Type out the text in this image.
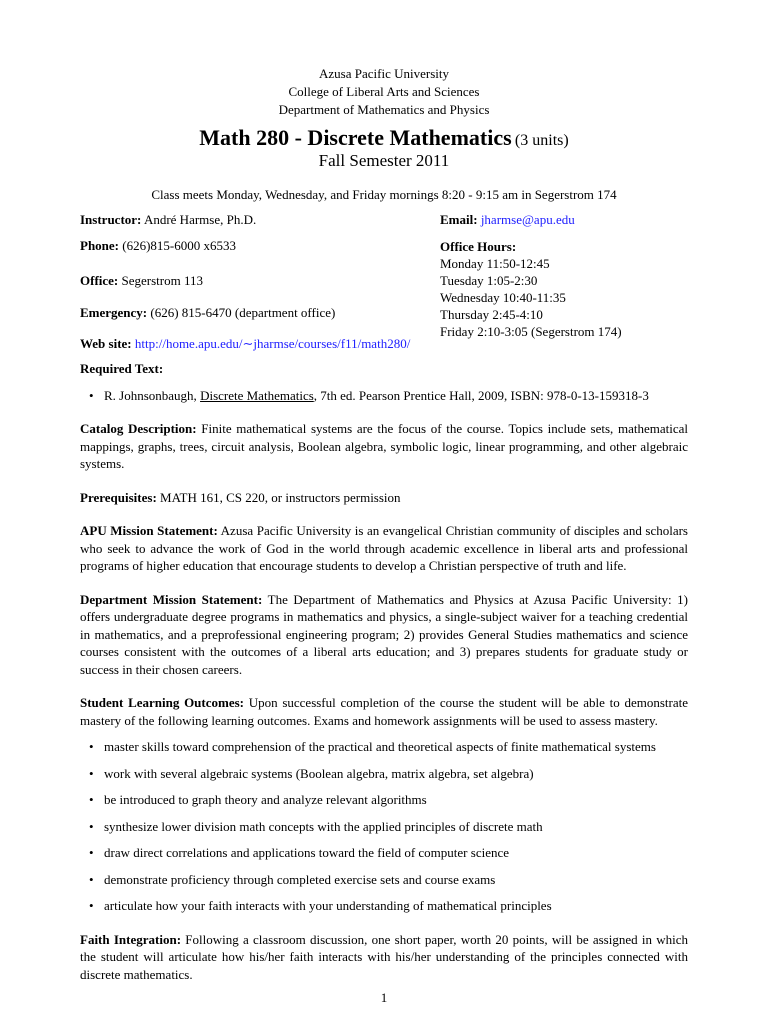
Azusa Pacific University
College of Liberal Arts and Sciences
Department of Mathematics and Physics
Math 280 - Discrete Mathematics (3 units)
Fall Semester 2011
Class meets Monday, Wednesday, and Friday mornings 8:20 - 9:15 am in Segerstrom 174
Instructor: André Harmse, Ph.D.	Email: jharmse@apu.edu
Phone: (626)815-6000 x6533
Office: Segerstrom 113
Emergency: (626) 815-6470 (department office)
Web site: http://home.apu.edu/∼jharmse/courses/f11/math280/
Office Hours:
Monday 11:50-12:45
Tuesday 1:05-2:30
Wednesday 10:40-11:35
Thursday 2:45-4:10
Friday 2:10-3:05 (Segerstrom 174)
Required Text:
• R. Johnsonbaugh, Discrete Mathematics, 7th ed. Pearson Prentice Hall, 2009, ISBN: 978-0-13-159318-3
Catalog Description: Finite mathematical systems are the focus of the course. Topics include sets, mathematical mappings, graphs, trees, circuit analysis, Boolean algebra, symbolic logic, linear programming, and other algebraic systems.
Prerequisites: MATH 161, CS 220, or instructors permission
APU Mission Statement: Azusa Pacific University is an evangelical Christian community of disciples and scholars who seek to advance the work of God in the world through academic excellence in liberal arts and professional programs of higher education that encourage students to develop a Christian perspective of truth and life.
Department Mission Statement: The Department of Mathematics and Physics at Azusa Pacific University: 1) offers undergraduate degree programs in mathematics and physics, a single-subject waiver for a teaching credential in mathematics, and a preprofessional engineering program; 2) provides General Studies mathematics and science courses consistent with the outcomes of a liberal arts education; and 3) prepares students for graduate study or success in their chosen careers.
Student Learning Outcomes: Upon successful completion of the course the student will be able to demonstrate mastery of the following learning outcomes. Exams and homework assignments will be used to assess mastery.
• master skills toward comprehension of the practical and theoretical aspects of finite mathematical systems
• work with several algebraic systems (Boolean algebra, matrix algebra, set algebra)
• be introduced to graph theory and analyze relevant algorithms
• synthesize lower division math concepts with the applied principles of discrete math
• draw direct correlations and applications toward the field of computer science
• demonstrate proficiency through completed exercise sets and course exams
• articulate how your faith interacts with your understanding of mathematical principles
Faith Integration: Following a classroom discussion, one short paper, worth 20 points, will be assigned in which the student will articulate how his/her faith interacts with his/her understanding of the principles connected with discrete mathematics.
1
